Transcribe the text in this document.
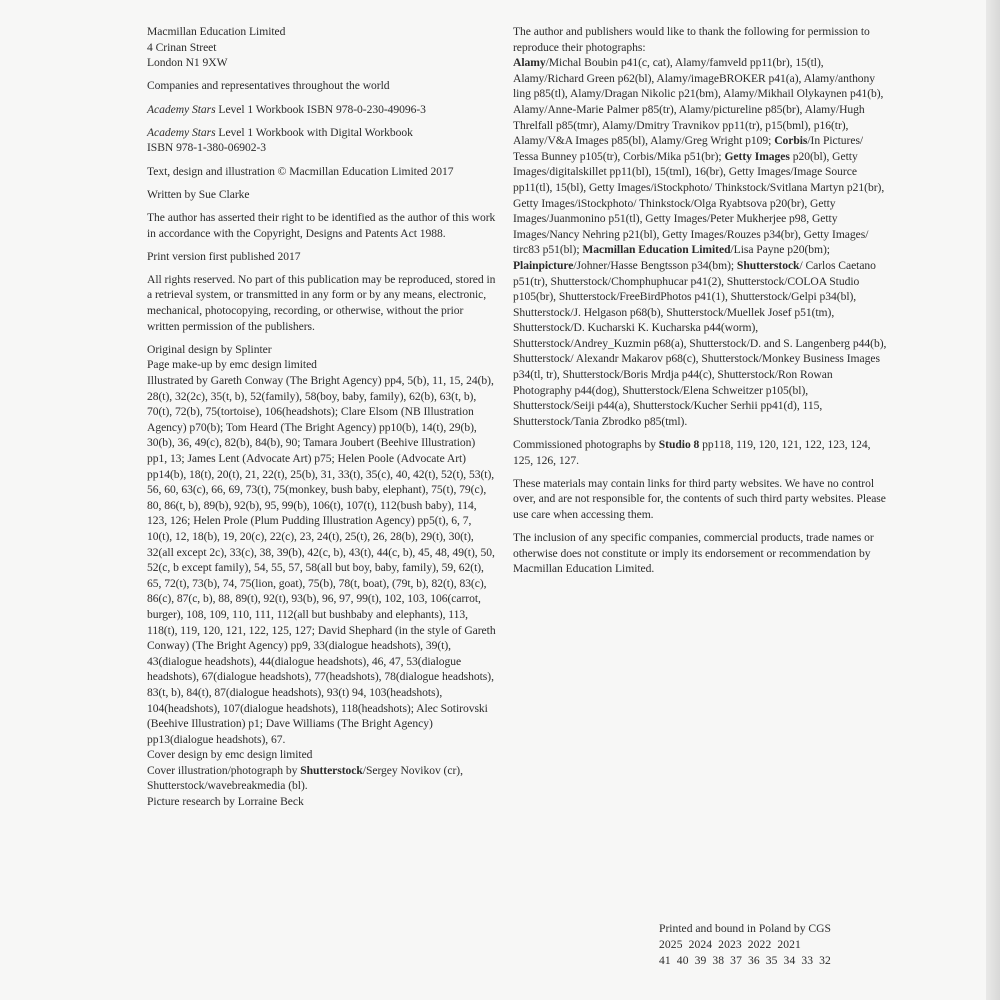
Macmillan Education Limited
4 Crinan Street
London N1 9XW

Companies and representatives throughout the world

Academy Stars Level 1 Workbook ISBN 978-0-230-49096-3

Academy Stars Level 1 Workbook with Digital Workbook
ISBN 978-1-380-06902-3

Text, design and illustration © Macmillan Education Limited 2017

Written by Sue Clarke

The author has asserted their right to be identified as the author of this work in accordance with the Copyright, Designs and Patents Act 1988.

Print version first published 2017

All rights reserved. No part of this publication may be reproduced, stored in a retrieval system, or transmitted in any form or by any means, electronic, mechanical, photocopying, recording, or otherwise, without the prior written permission of the publishers.

Original design by Splinter

Page make-up by emc design limited

Illustrated by Gareth Conway (The Bright Agency) pp4, 5(b), 11, 15, 24(b), 28(t), 32(2c), 35(t, b), 52(family), 58(boy, baby, family), 62(b), 63(t, b), 70(t), 72(b), 75(tortoise), 106(headshots); Clare Elsom (NB Illustration Agency) p70(b); Tom Heard (The Bright Agency) pp10(b), 14(t), 29(b), 30(b), 36, 49(c), 82(b), 84(b), 90; Tamara Joubert (Beehive Illustration) pp1, 13; James Lent (Advocate Art) p75; Helen Poole (Advocate Art) pp14(b), 18(t), 20(t), 21, 22(t), 25(b), 31, 33(t), 35(c), 40, 42(t), 52(t), 53(t), 56, 60, 63(c), 66, 69, 73(t), 75(monkey, bush baby, elephant), 75(t), 79(c), 80, 86(t, b), 89(b), 92(b), 95, 99(b), 106(t), 107(t), 112(bush baby), 114, 123, 126; Helen Prole (Plum Pudding Illustration Agency) pp5(t), 6, 7, 10(t), 12, 18(b), 19, 20(c), 22(c), 23, 24(t), 25(t), 26, 28(b), 29(t), 30(t), 32(all except 2c), 33(c), 38, 39(b), 42(c, b), 43(t), 44(c, b), 45, 48, 49(t), 50, 52(c, b except family), 54, 55, 57, 58(all but boy, baby, family), 59, 62(t), 65, 72(t), 73(b), 74, 75(lion, goat), 75(b), 78(t, boat), (79t, b), 82(t), 83(c), 86(c), 87(c, b), 88, 89(t), 92(t), 93(b), 96, 97, 99(t), 102, 103, 106(carrot, burger), 108, 109, 110, 111, 112(all but bushbaby and elephants), 113, 118(t), 119, 120, 121, 122, 125, 127; David Shephard (in the style of Gareth Conway) (The Bright Agency) pp9, 33(dialogue headshots), 39(t), 43(dialogue headshots), 44(dialogue headshots), 46, 47, 53(dialogue headshots), 67(dialogue headshots), 77(headshots), 78(dialogue headshots), 83(t, b), 84(t), 87(dialogue headshots), 93(t) 94, 103(headshots), 104(headshots), 107(dialogue headshots), 118(headshots); Alec Sotirovski (Beehive Illustration) p1; Dave Williams (The Bright Agency) pp13(dialogue headshots), 67.

Cover design by emc design limited

Cover illustration/photograph by Shutterstock/Sergey Novikov (cr), Shutterstock/wavebreakmedia (bl).

Picture research by Lorraine Beck

The author and publishers would like to thank the following for permission to reproduce their photographs:
Alamy/Michal Boubin p41(c, cat), Alamy/famveld pp11(br), 15(tl), Alamy/Richard Green p62(bl), Alamy/imageBROKER p41(a), Alamy/anthony ling p85(tl), Alamy/Dragan Nikolic p21(bm), Alamy/Mikhail Olykaynen p41(b), Alamy/Anne-Marie Palmer p85(tr), Alamy/pictureline p85(br), Alamy/Hugh Threlfall p85(tmr), Alamy/Dmitry Travnikov pp11(tr), p15(bml), p16(tr), Alamy/V&A Images p85(bl), Alamy/Greg Wright p109; Corbis/In Pictures/ Tessa Bunney p105(tr), Corbis/Mika p51(br); Getty Images p20(bl), Getty Images/digitalskillet pp11(bl), 15(tml), 16(br), Getty Images/Image Source pp11(tl), 15(bl), Getty Images/iStockphoto/ Thinkstock/Svitlana Martyn p21(br), Getty Images/iStockphoto/ Thinkstock/Olga Ryabtsova p20(br), Getty Images/Juanmonino p51(tl), Getty Images/Peter Mukherjee p98, Getty Images/Nancy Nehring p21(bl), Getty Images/Rouzes p34(br), Getty Images/ tirc83 p51(bl); Macmillan Education Limited/Lisa Payne p20(bm); Plainpicture/Johner/Hasse Bengtsson p34(bm); Shutterstock/ Carlos Caetano p51(tr), Shutterstock/Chomphuphucar p41(2), Shutterstock/COLOA Studio p105(br), Shutterstock/FreeBirdPhotos p41(1), Shutterstock/Gelpi p34(bl), Shutterstock/J. Helgason p68(b), Shutterstock/Muellek Josef p51(tm), Shutterstock/D. Kucharski K. Kucharska p44(worm), Shutterstock/Andrey_Kuzmin p68(a), Shutterstock/D. and S. Langenberg p44(b), Shutterstock/ Alexandr Makarov p68(c), Shutterstock/Monkey Business Images p34(tl, tr), Shutterstock/Boris Mrdja p44(c), Shutterstock/Ron Rowan Photography p44(dog), Shutterstock/Elena Schweitzer p105(bl), Shutterstock/Seiji p44(a), Shutterstock/Kucher Serhii pp41(d), 115, Shutterstock/Tania Zbrodko p85(tml).

Commissioned photographs by Studio 8 pp118, 119, 120, 121, 122, 123, 124, 125, 126, 127.

These materials may contain links for third party websites. We have no control over, and are not responsible for, the contents of such third party websites. Please use care when accessing them.

The inclusion of any specific companies, commercial products, trade names or otherwise does not constitute or imply its endorsement or recommendation by Macmillan Education Limited.

Printed and bound in Poland by CGS
2025 2024 2023 2022 2021
41 40 39 38 37 36 35 34 33 32
